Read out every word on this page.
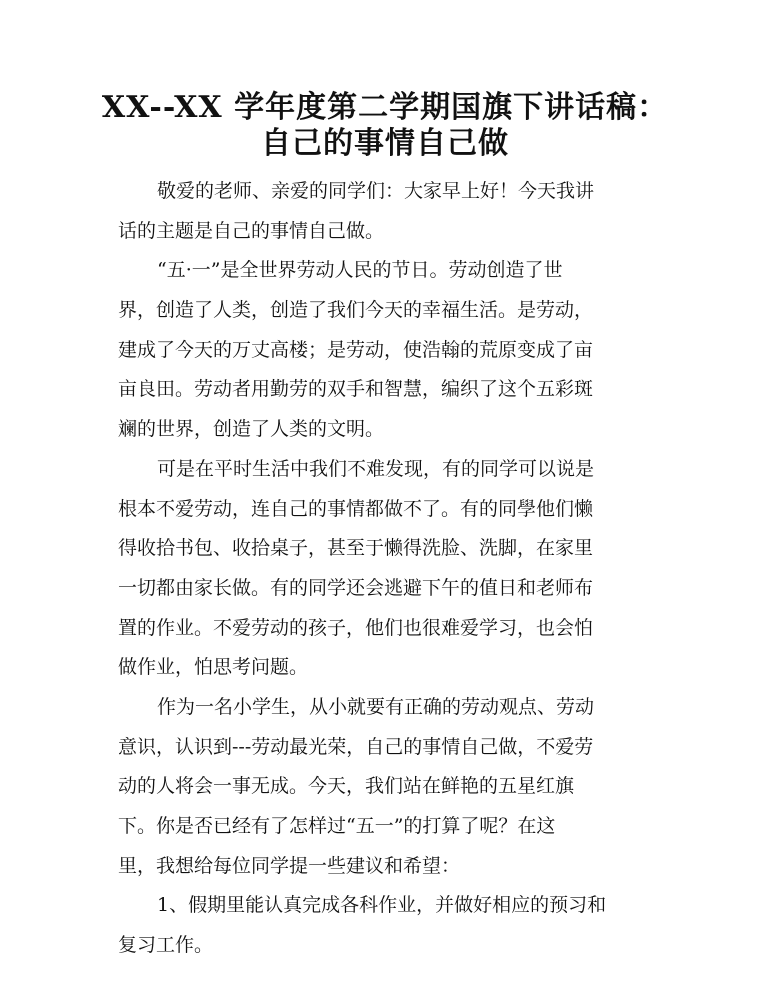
XX--XX 学年度第二学期国旗下讲话稿：
自己的事情自己做

敬爱的老师、亲爱的同学们：大家早上好！今天我讲
话的主题是自己的事情自己做。

“五·一”是全世界劳动人民的节日。劳动创造了世
界，创造了人类，创造了我们今天的幸福生活。是劳动，
建成了今天的万丈高楼；是劳动，使浩翰的荒原变成了亩
亩良田。劳动者用勤劳的双手和智慧，编织了这个五彩斑
斓的世界，创造了人类的文明。

可是在平时生活中我们不难发现，有的同学可以说是
根本不爱劳动，连自己的事情都做不了。有的同學他们懒
得收拾书包、收拾桌子，甚至于懒得洗脸、洗脚，在家里
一切都由家长做。有的同学还会逃避下午的值日和老师布
置的作业。不爱劳动的孩子，他们也很难爱学习，也会怕
做作业，怕思考问题。

作为一名小学生，从小就要有正确的劳动观点、劳动
意识，认识到---劳动最光荣，自己的事情自己做，不爱劳
动的人将会一事无成。今天，我们站在鲜艳的五星红旗
下。你是否已经有了怎样过“五一”的打算了呢？在这
里，我想给每位同学提一些建议和希望：

1、假期里能认真完成各科作业，并做好相应的预习和
复习工作。
